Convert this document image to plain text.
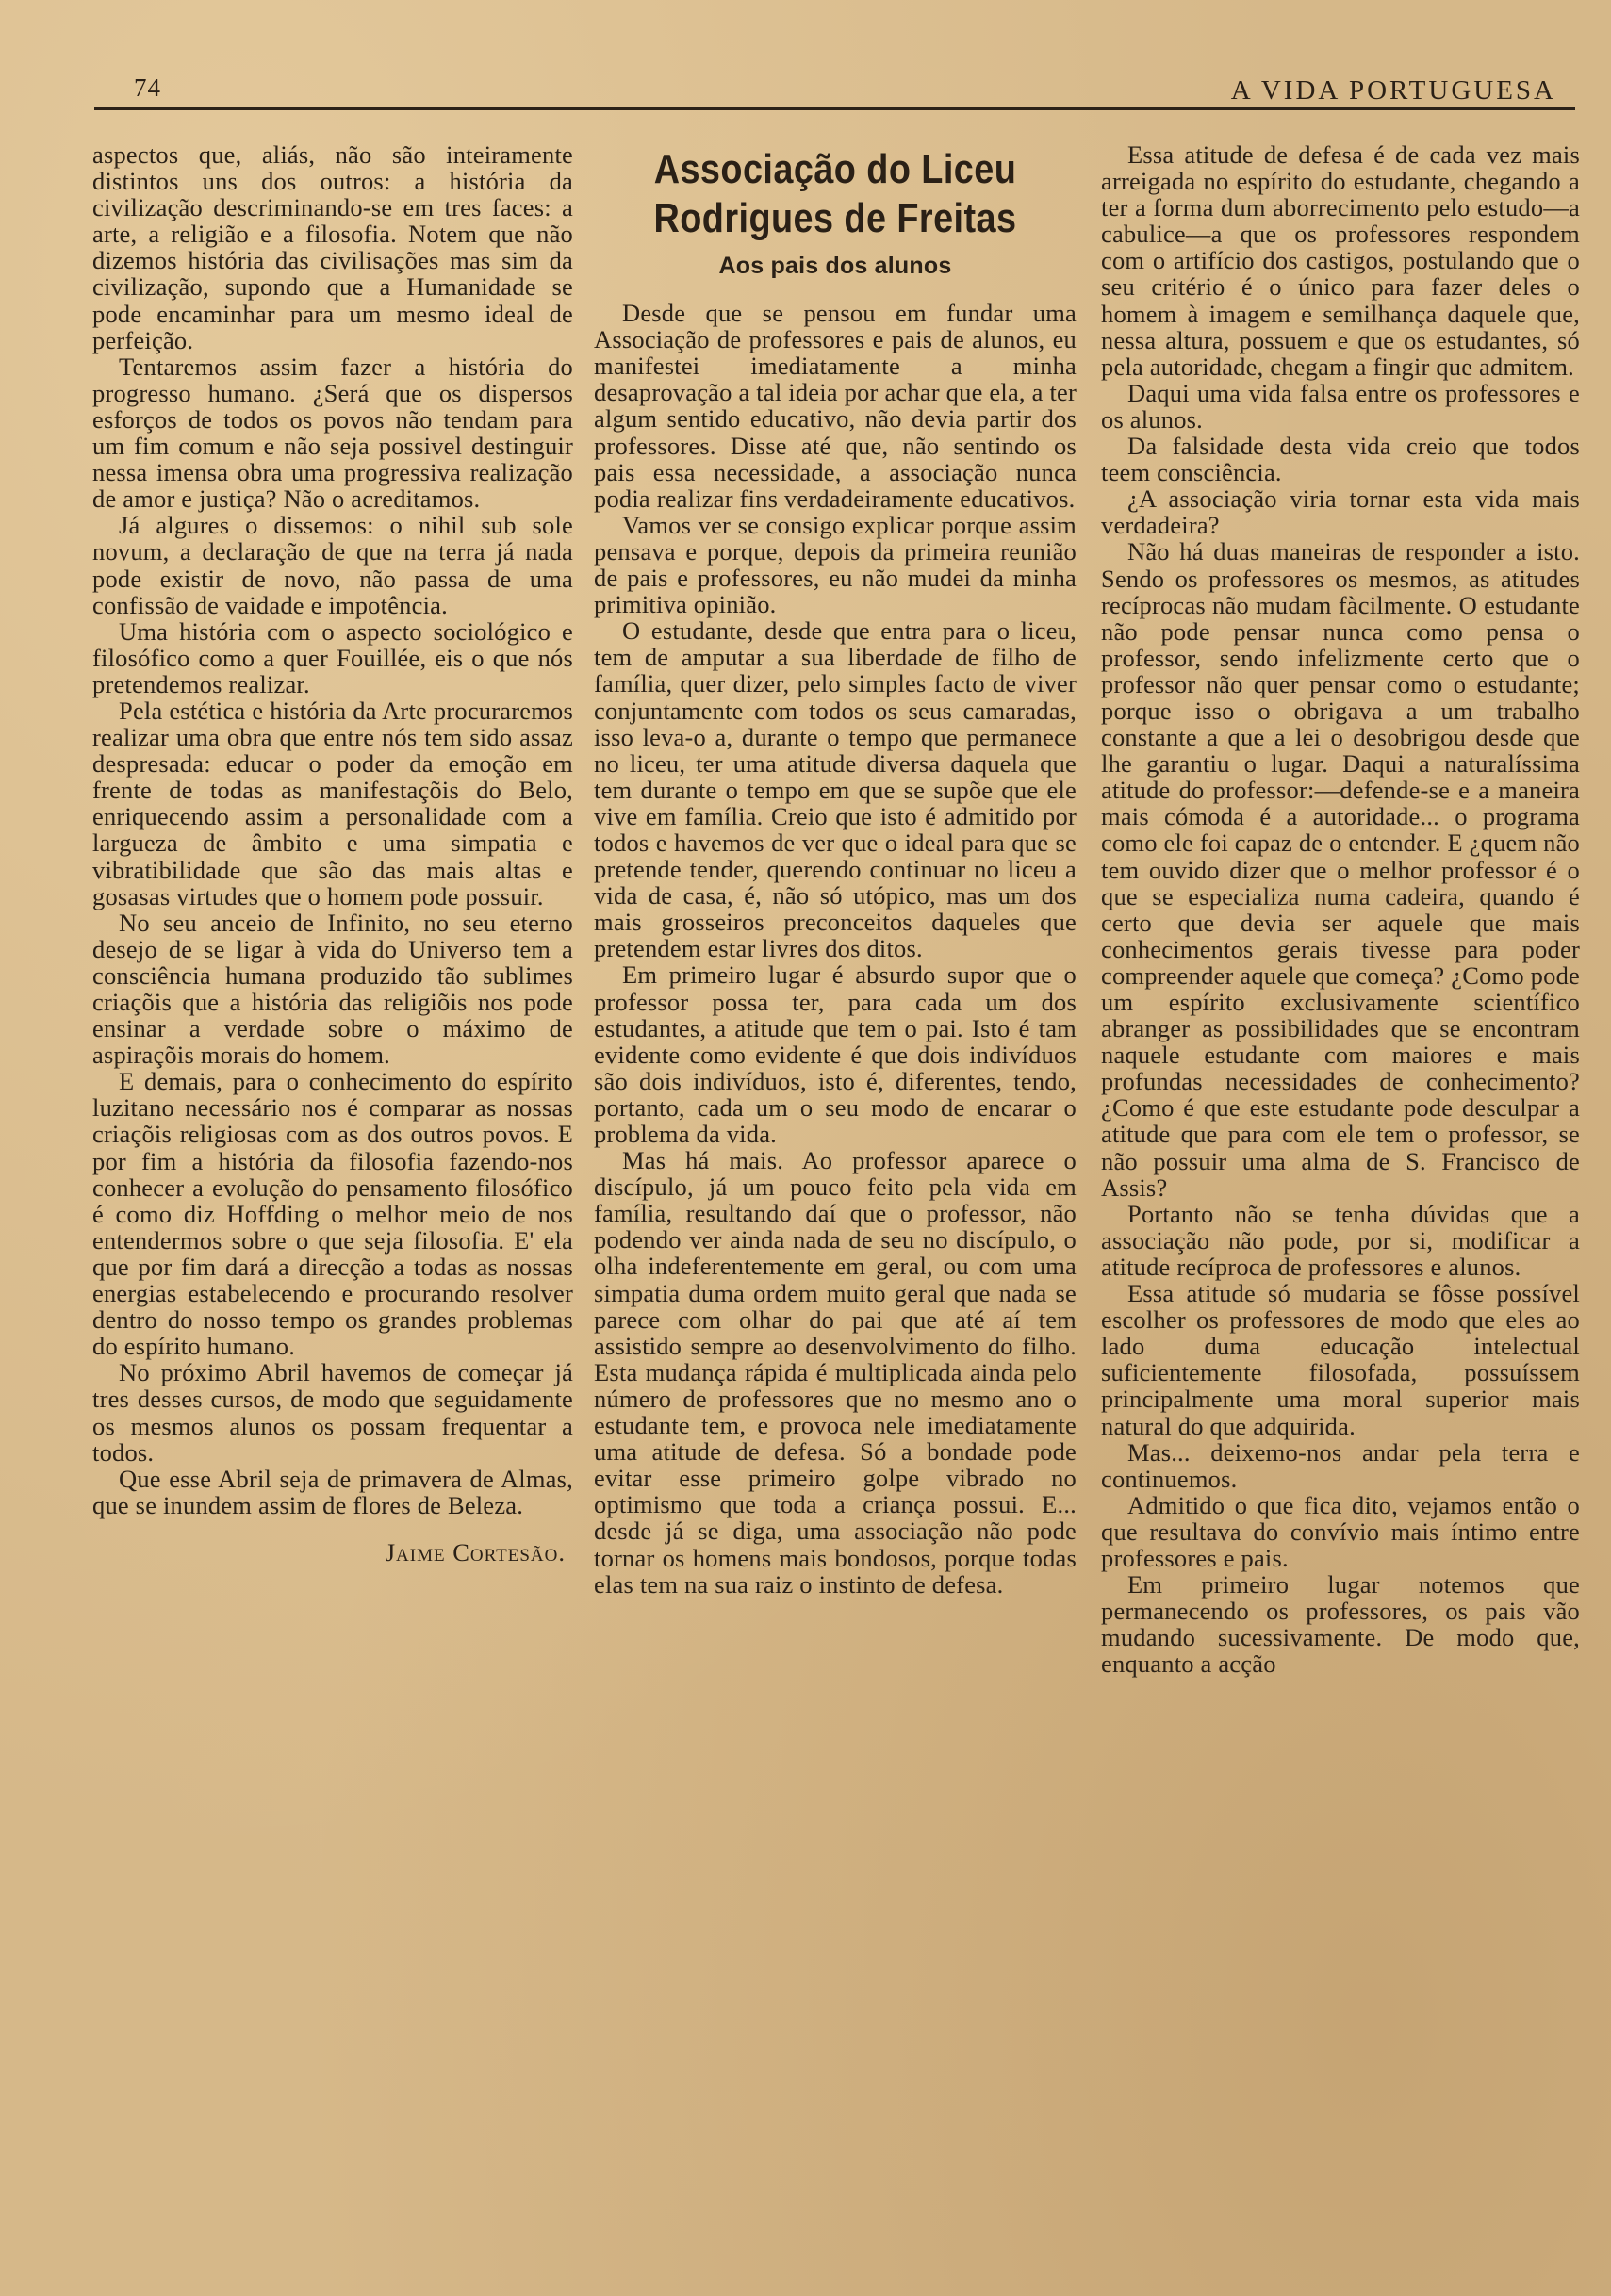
74	A VIDA PORTUGUESA

aspectos que, aliás, não são inteiramente distintos uns dos outros: a história da civilização descriminando-se em tres faces: a arte, a religião e a filosofia. Notem que não dizemos história das civilisações mas sim da civilização, supondo que a Humanidade se pode encaminhar para um mesmo ideal de perfeição.

Tentaremos assim fazer a história do progresso humano. ¿Será que os dispersos esforços de todos os povos não tendam para um fim comum e não seja possivel destinguir nessa imensa obra uma progressiva realização de amor e justiça? Não o acreditamos.

Já algures o dissemos: o nihil sub sole novum, a declaração de que na terra já nada pode existir de novo, não passa de uma confissão de vaidade e impotência.

Uma história com o aspecto sociológico e filosófico como a quer Fouillée, eis o que nós pretendemos realizar.

Pela estética e história da Arte procuraremos realizar uma obra que entre nós tem sido assaz despresada: educar o poder da emoção em frente de todas as manifestaçõis do Belo, enriquecendo assim a personalidade com a largueza de âmbito e uma simpatia e vibratibilidade que são das mais altas e gosasas virtudes que o homem pode possuir.

No seu anceio de Infinito, no seu eterno desejo de se ligar à vida do Universo tem a consciência humana produzido tão sublimes criaçõis que a história das religiõis nos pode ensinar a verdade sobre o máximo de aspiraçõis morais do homem.

E demais, para o conhecimento do espírito luzitano necessário nos é comparar as nossas criaçõis religiosas com as dos outros povos. E por fim a história da filosofia fazendo-nos conhecer a evolução do pensamento filosófico é como diz Hoffding o melhor meio de nos entendermos sobre o que seja filosofia. E' ela que por fim dará a direcção a todas as nossas energias estabelecendo e procurando resolver dentro do nosso tempo os grandes problemas do espírito humano.

No próximo Abril havemos de começar já tres desses cursos, de modo que seguidamente os mesmos alunos os possam frequentar a todos.

Que esse Abril seja de primavera de Almas, que se inundem assim de flores de Beleza.

Jaime Cortesão.
Associação do Liceu Rodrigues de Freitas
Aos pais dos alunos

Desde que se pensou em fundar uma Associação de professores e pais de alunos, eu manifestei imediatamente a minha desaprovação a tal ideia por achar que ela, a ter algum sentido educativo, não devia partir dos professores. Disse até que, não sentindo os pais essa necessidade, a associação nunca podia realizar fins verdadeiramente educativos.

Vamos ver se consigo explicar porque assim pensava e porque, depois da primeira reunião de pais e professores, eu não mudei da minha primitiva opinião.

O estudante, desde que entra para o liceu, tem de amputar a sua liberdade de filho de família, quer dizer, pelo simples facto de viver conjuntamente com todos os seus camaradas, isso leva-o a, durante o tempo que permanece no liceu, ter uma atitude diversa daquela que tem durante o tempo em que se supõe que ele vive em família. Creio que isto é admitido por todos e havemos de ver que o ideal para que se pretende tender, querendo continuar no liceu a vida de casa, é, não só utópico, mas um dos mais grosseiros preconceitos daqueles que pretendem estar livres dos ditos.

Em primeiro lugar é absurdo supor que o professor possa ter, para cada um dos estudantes, a atitude que tem o pai. Isto é tam evidente como evidente é que dois indivíduos são dois indivíduos, isto é, diferentes, tendo, portanto, cada um o seu modo de encarar o problema da vida.

Mas há mais. Ao professor aparece o discípulo, já um pouco feito pela vida em família, resultando daí que o professor, não podendo ver ainda nada de seu no discípulo, o olha indeferentemente em geral, ou com uma simpatia duma ordem muito geral que nada se parece com olhar do pai que até aí tem assistido sempre ao desenvolvimento do filho. Esta mudança rápida é multiplicada ainda pelo número de professores que no mesmo ano o estudante tem, e provoca nele imediatamente uma atitude de defesa. Só a bondade pode evitar esse primeiro golpe vibrado no optimismo que toda a criança possui. E... desde já se diga, uma associação não pode tornar os homens mais bondosos, porque todas elas tem na sua raiz o instinto de defesa.

Essa atitude de defesa é de cada vez mais arreigada no espírito do estudante, chegando a ter a forma dum aborrecimento pelo estudo—a cabulice—a que os professores respondem com o artifício dos castigos, postulando que o seu critério é o único para fazer deles o homem à imagem e semilhança daquele que, nessa altura, possuem e que os estudantes, só pela autoridade, chegam a fingir que admitem.

Daqui uma vida falsa entre os professores e os alunos.

Da falsidade desta vida creio que todos teem consciência.

¿A associação viria tornar esta vida mais verdadeira?

Não há duas maneiras de responder a isto. Sendo os professores os mesmos, as atitudes recíprocas não mudam fàcilmente. O estudante não pode pensar nunca como pensa o professor, sendo infelizmente certo que o professor não quer pensar como o estudante; porque isso o obrigava a um trabalho constante a que a lei o desobrigou desde que lhe garantiu o lugar. Daqui a naturalíssima atitude do professor:—defende-se e a maneira mais cómoda é a autoridade... o programa como ele foi capaz de o entender. E ¿quem não tem ouvido dizer que o melhor professor é o que se especializa numa cadeira, quando é certo que devia ser aquele que mais conhecimentos gerais tivesse para poder compreender aquele que começa? ¿Como pode um espírito exclusivamente scientífico abranger as possibilidades que se encontram naquele estudante com maiores e mais profundas necessidades de conhecimento? ¿Como é que este estudante pode desculpar a atitude que para com ele tem o professor, se não possuir uma alma de S. Francisco de Assis?

Portanto não se tenha dúvidas que a associação não pode, por si, modificar a atitude recíproca de professores e alunos.

Essa atitude só mudaria se fôsse possível escolher os professores de modo que eles ao lado duma educação intelectual suficientemente filosofada, possuíssem principalmente uma moral superior mais natural do que adquirida.

Mas... deixemo-nos andar pela terra e continuemos.

Admitido o que fica dito, vejamos então o que resultava do convívio mais íntimo entre professores e pais.

Em primeiro lugar notemos que permanecendo os professores, os pais vão mudando sucessivamente. De modo que, enquanto a acção
